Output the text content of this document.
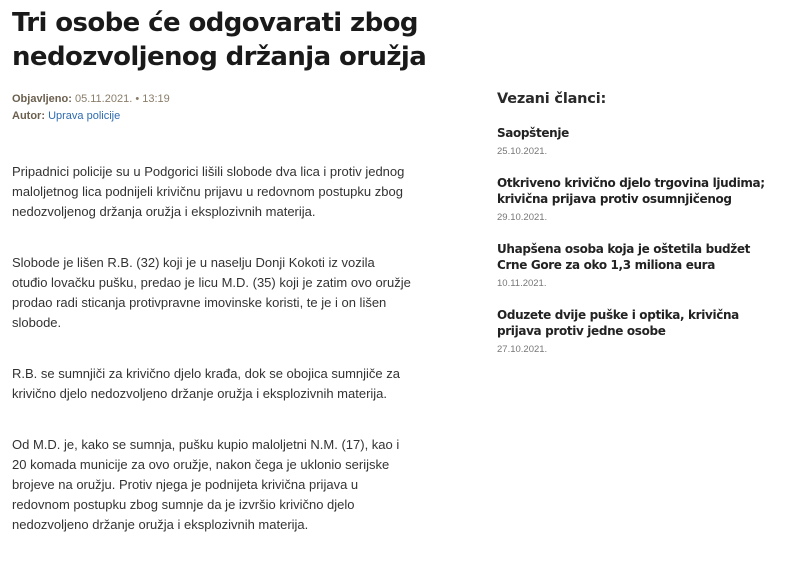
Tri osobe će odgovarati zbog nedozvoljenog držanja oružja
Objavljeno: 05.11.2021. • 13:19
Autor: Uprava policije

Pripadnici policije su u Podgorici lišili slobode dva lica i protiv jednog maloljetnog lica podnijeli krivičnu prijavu u redovnom postupku zbog nedozvoljenog držanja oružja i eksplozivnih materija.

Slobode je lišen R.B. (32) koji je u naselju Donji Kokoti iz vozila otuđio lovačku pušku, predao je licu M.D. (35) koji je zatim ovo oružje prodao radi sticanja protivpravne imovinske koristi, te je i on lišen slobode.

R.B. se sumnjiči za krivično djelo krađa, dok se obojica sumnjiče za krivično djelo nedozvoljeno držanje oružja i eksplozivnih materija.

Od M.D. je, kako se sumnja, pušku kupio maloljetni N.M. (17), kao i 20 komada municije za ovo oružje, nakon čega je uklonio serijske brojeve na oružju. Protiv njega je podnijeta krivična prijava u redovnom postupku zbog sumnje da je izvršio krivično djelo nedozvoljeno držanje oružja i eksplozivnih materija.

Vezani članci:
Saopštenje
25.10.2021.
Otkriveno krivično djelo trgovina ljudima; krivična prijava protiv osumnjičenog
29.10.2021.
Uhapšena osoba koja je oštetila budžet Crne Gore za oko 1,3 miliona eura
10.11.2021.
Oduzete dvije puške i optika, krivična prijava protiv jedne osobe
27.10.2021.
